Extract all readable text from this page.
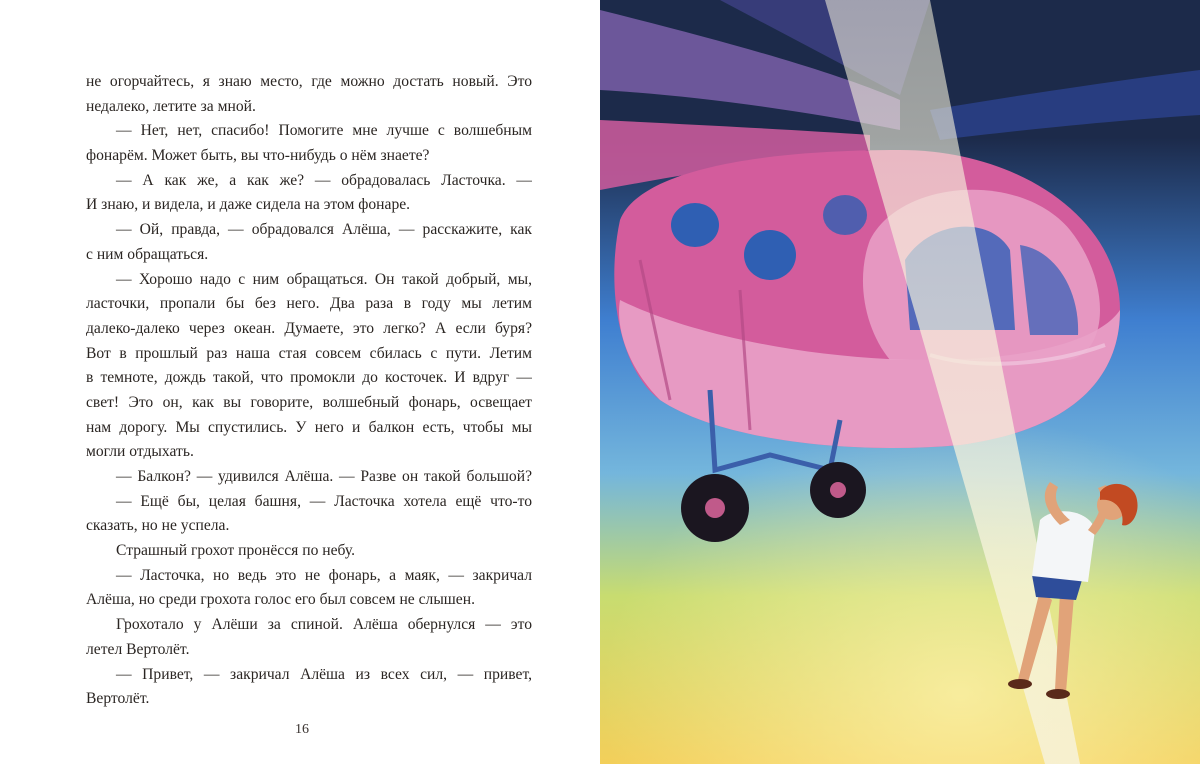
не огорчайтесь, я знаю место, где можно достать новый. Это
недалеко, летите за мной.
— Нет, нет, спасибо! Помогите мне лучше с волшебным
фонарём. Может быть, вы что-нибудь о нём знаете?
— А как же, а как же? — обрадовалась Ласточка. —
И знаю, и видела, и даже сидела на этом фонаре.
— Ой, правда, — обрадовался Алёша, — расскажите, как
с ним обращаться.
— Хорошо надо с ним обращаться. Он такой добрый, мы,
ласточки, пропали бы без него. Два раза в году мы летим
далеко-далеко через океан. Думаете, это легко? А если буря?
Вот в прошлый раз наша стая совсем сбилась с пути. Летим
в темноте, дождь такой, что промокли до косточек. И вдруг —
свет! Это он, как вы говорите, волшебный фонарь, освещает
нам дорогу. Мы спустились. У него и балкон есть, чтобы мы
могли отдыхать.
— Балкон? — удивился Алёша. — Разве он такой большой?
— Ещё бы, целая башня, — Ласточка хотела ещё что-то
сказать, но не успела.
Страшный грохот пронёсся по небу.
— Ласточка, но ведь это не фонарь, а маяк, — закричал
Алёша, но среди грохота голос его был совсем не слышен.
Грохотало у Алёши за спиной. Алёша обернулся — это
летел Вертолёт.
— Привет, — закричал Алёша из всех сил, — привет,
Вертолёт.
16
